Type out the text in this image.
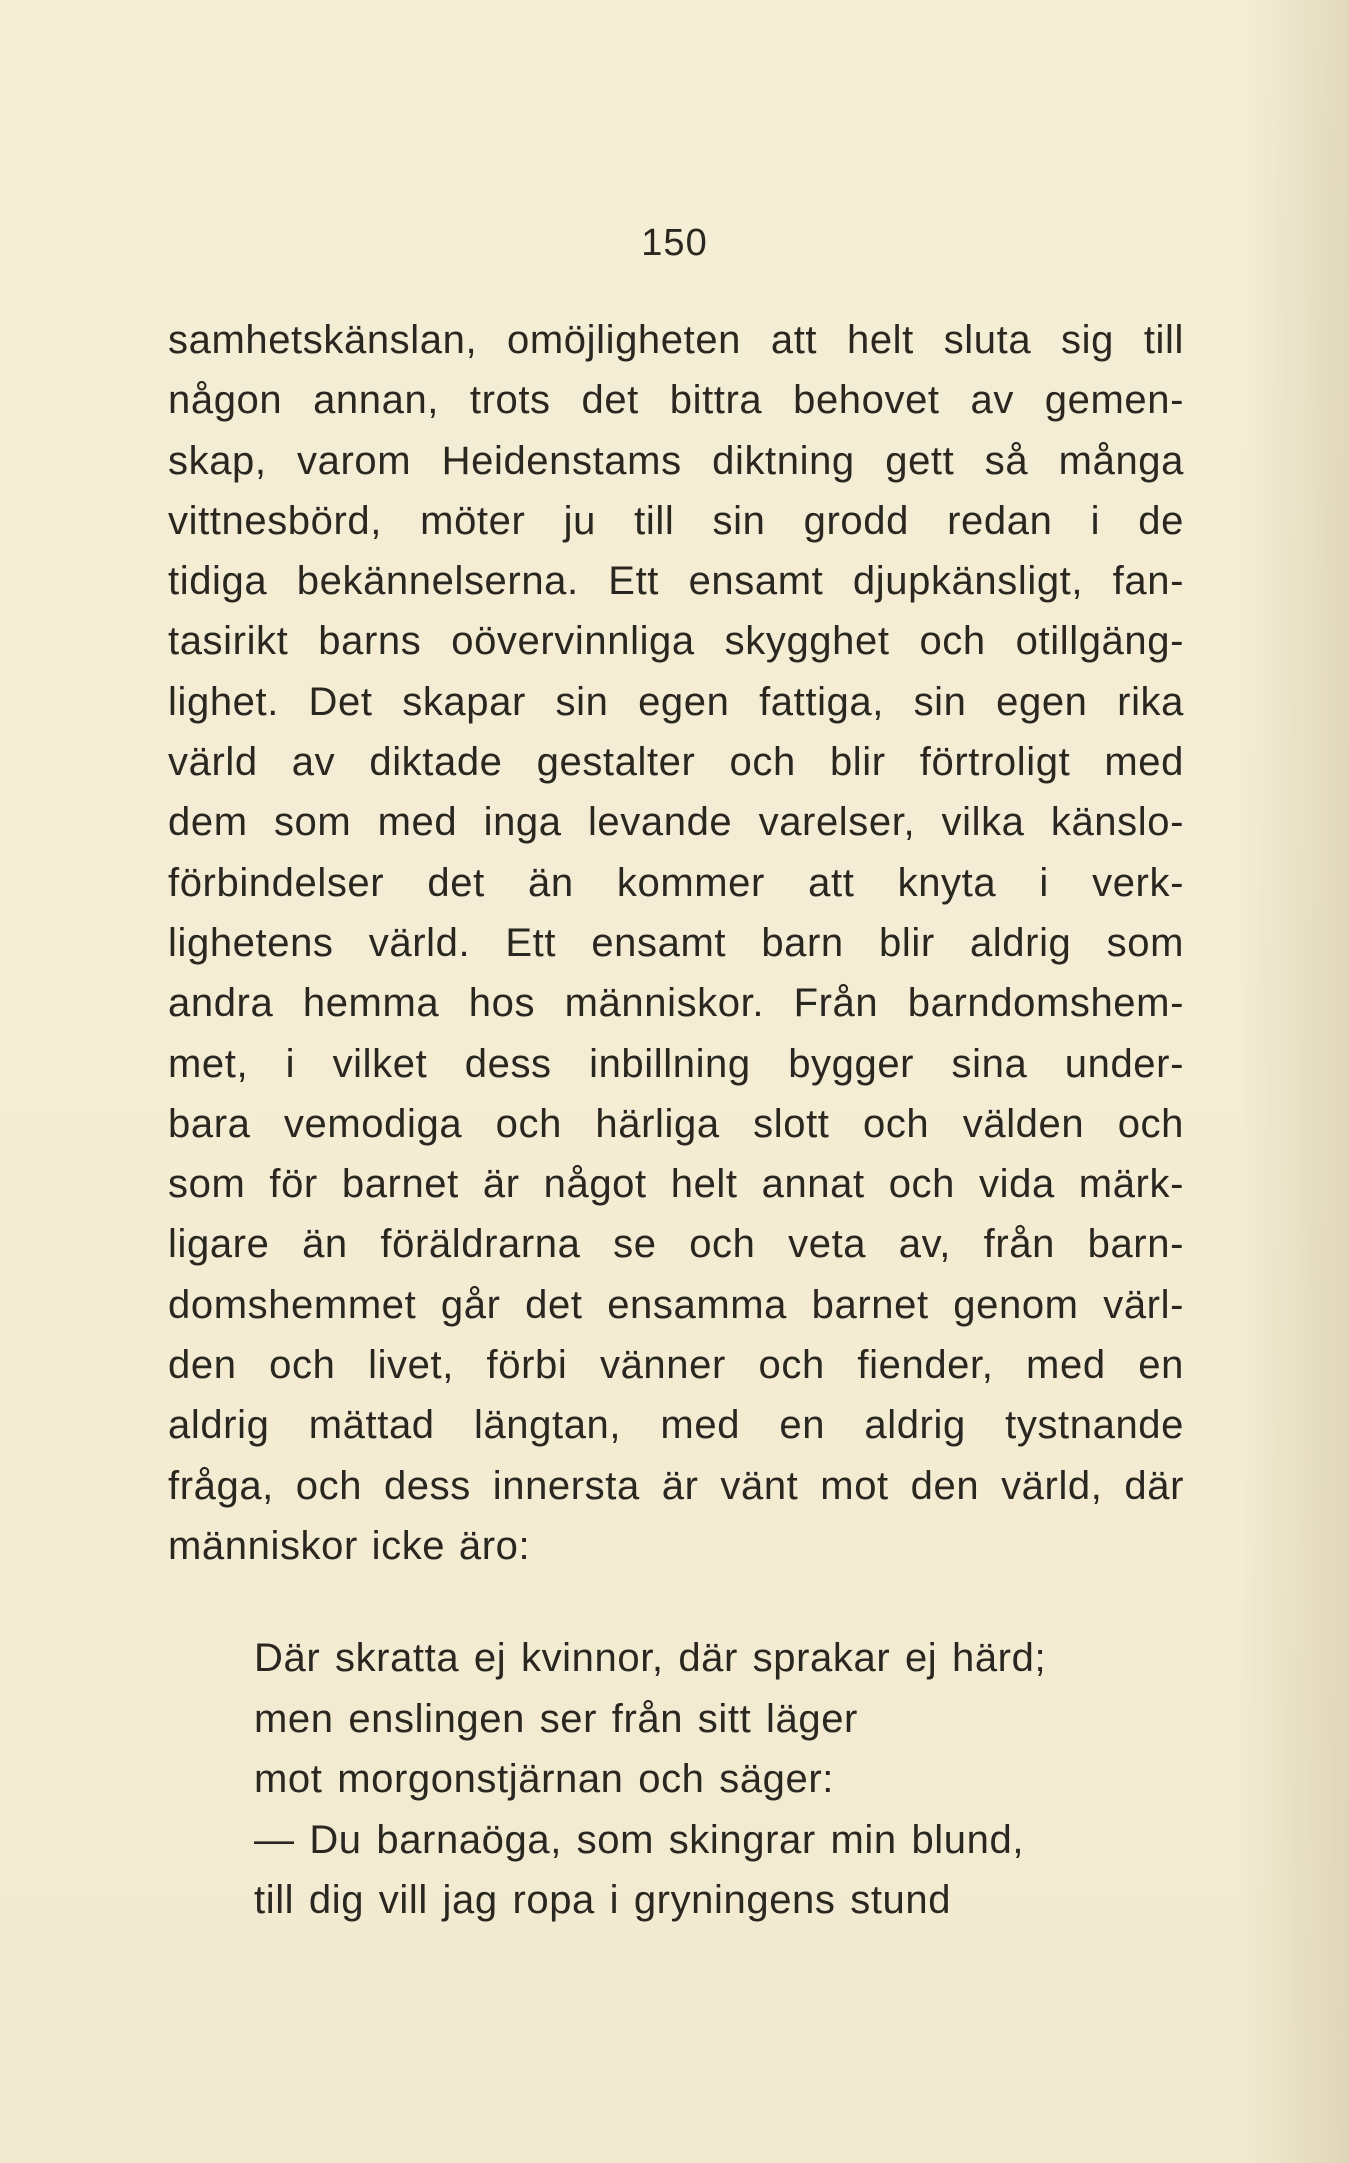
150
samhetskänslan, omöjligheten att helt sluta sig till
någon annan, trots det bittra behovet av gemen-
skap, varom Heidenstams diktning gett så många
vittnesbörd, möter ju till sin grodd redan i de
tidiga bekännelserna. Ett ensamt djupkänsligt, fan-
tasirikt barns oövervinnliga skygghet och otillgäng-
lighet. Det skapar sin egen fattiga, sin egen rika
värld av diktade gestalter och blir förtroligt med
dem som med inga levande varelser, vilka känslo-
förbindelser det än kommer att knyta i verk-
lighetens värld. Ett ensamt barn blir aldrig som
andra hemma hos människor. Från barndomshem-
met, i vilket dess inbillning bygger sina under-
bara vemodiga och härliga slott och välden och
som för barnet är något helt annat och vida märk-
ligare än föräldrarna se och veta av, från barn-
domshemmet går det ensamma barnet genom värl-
den och livet, förbi vänner och fiender, med en
aldrig mättad längtan, med en aldrig tystnande
fråga, och dess innersta är vänt mot den värld, där
människor icke äro:
Där skratta ej kvinnor, där sprakar ej härd;
men enslingen ser från sitt läger
mot morgonstjärnan och säger:
— Du barnaöga, som skingrar min blund,
till dig vill jag ropa i gryningens stund
